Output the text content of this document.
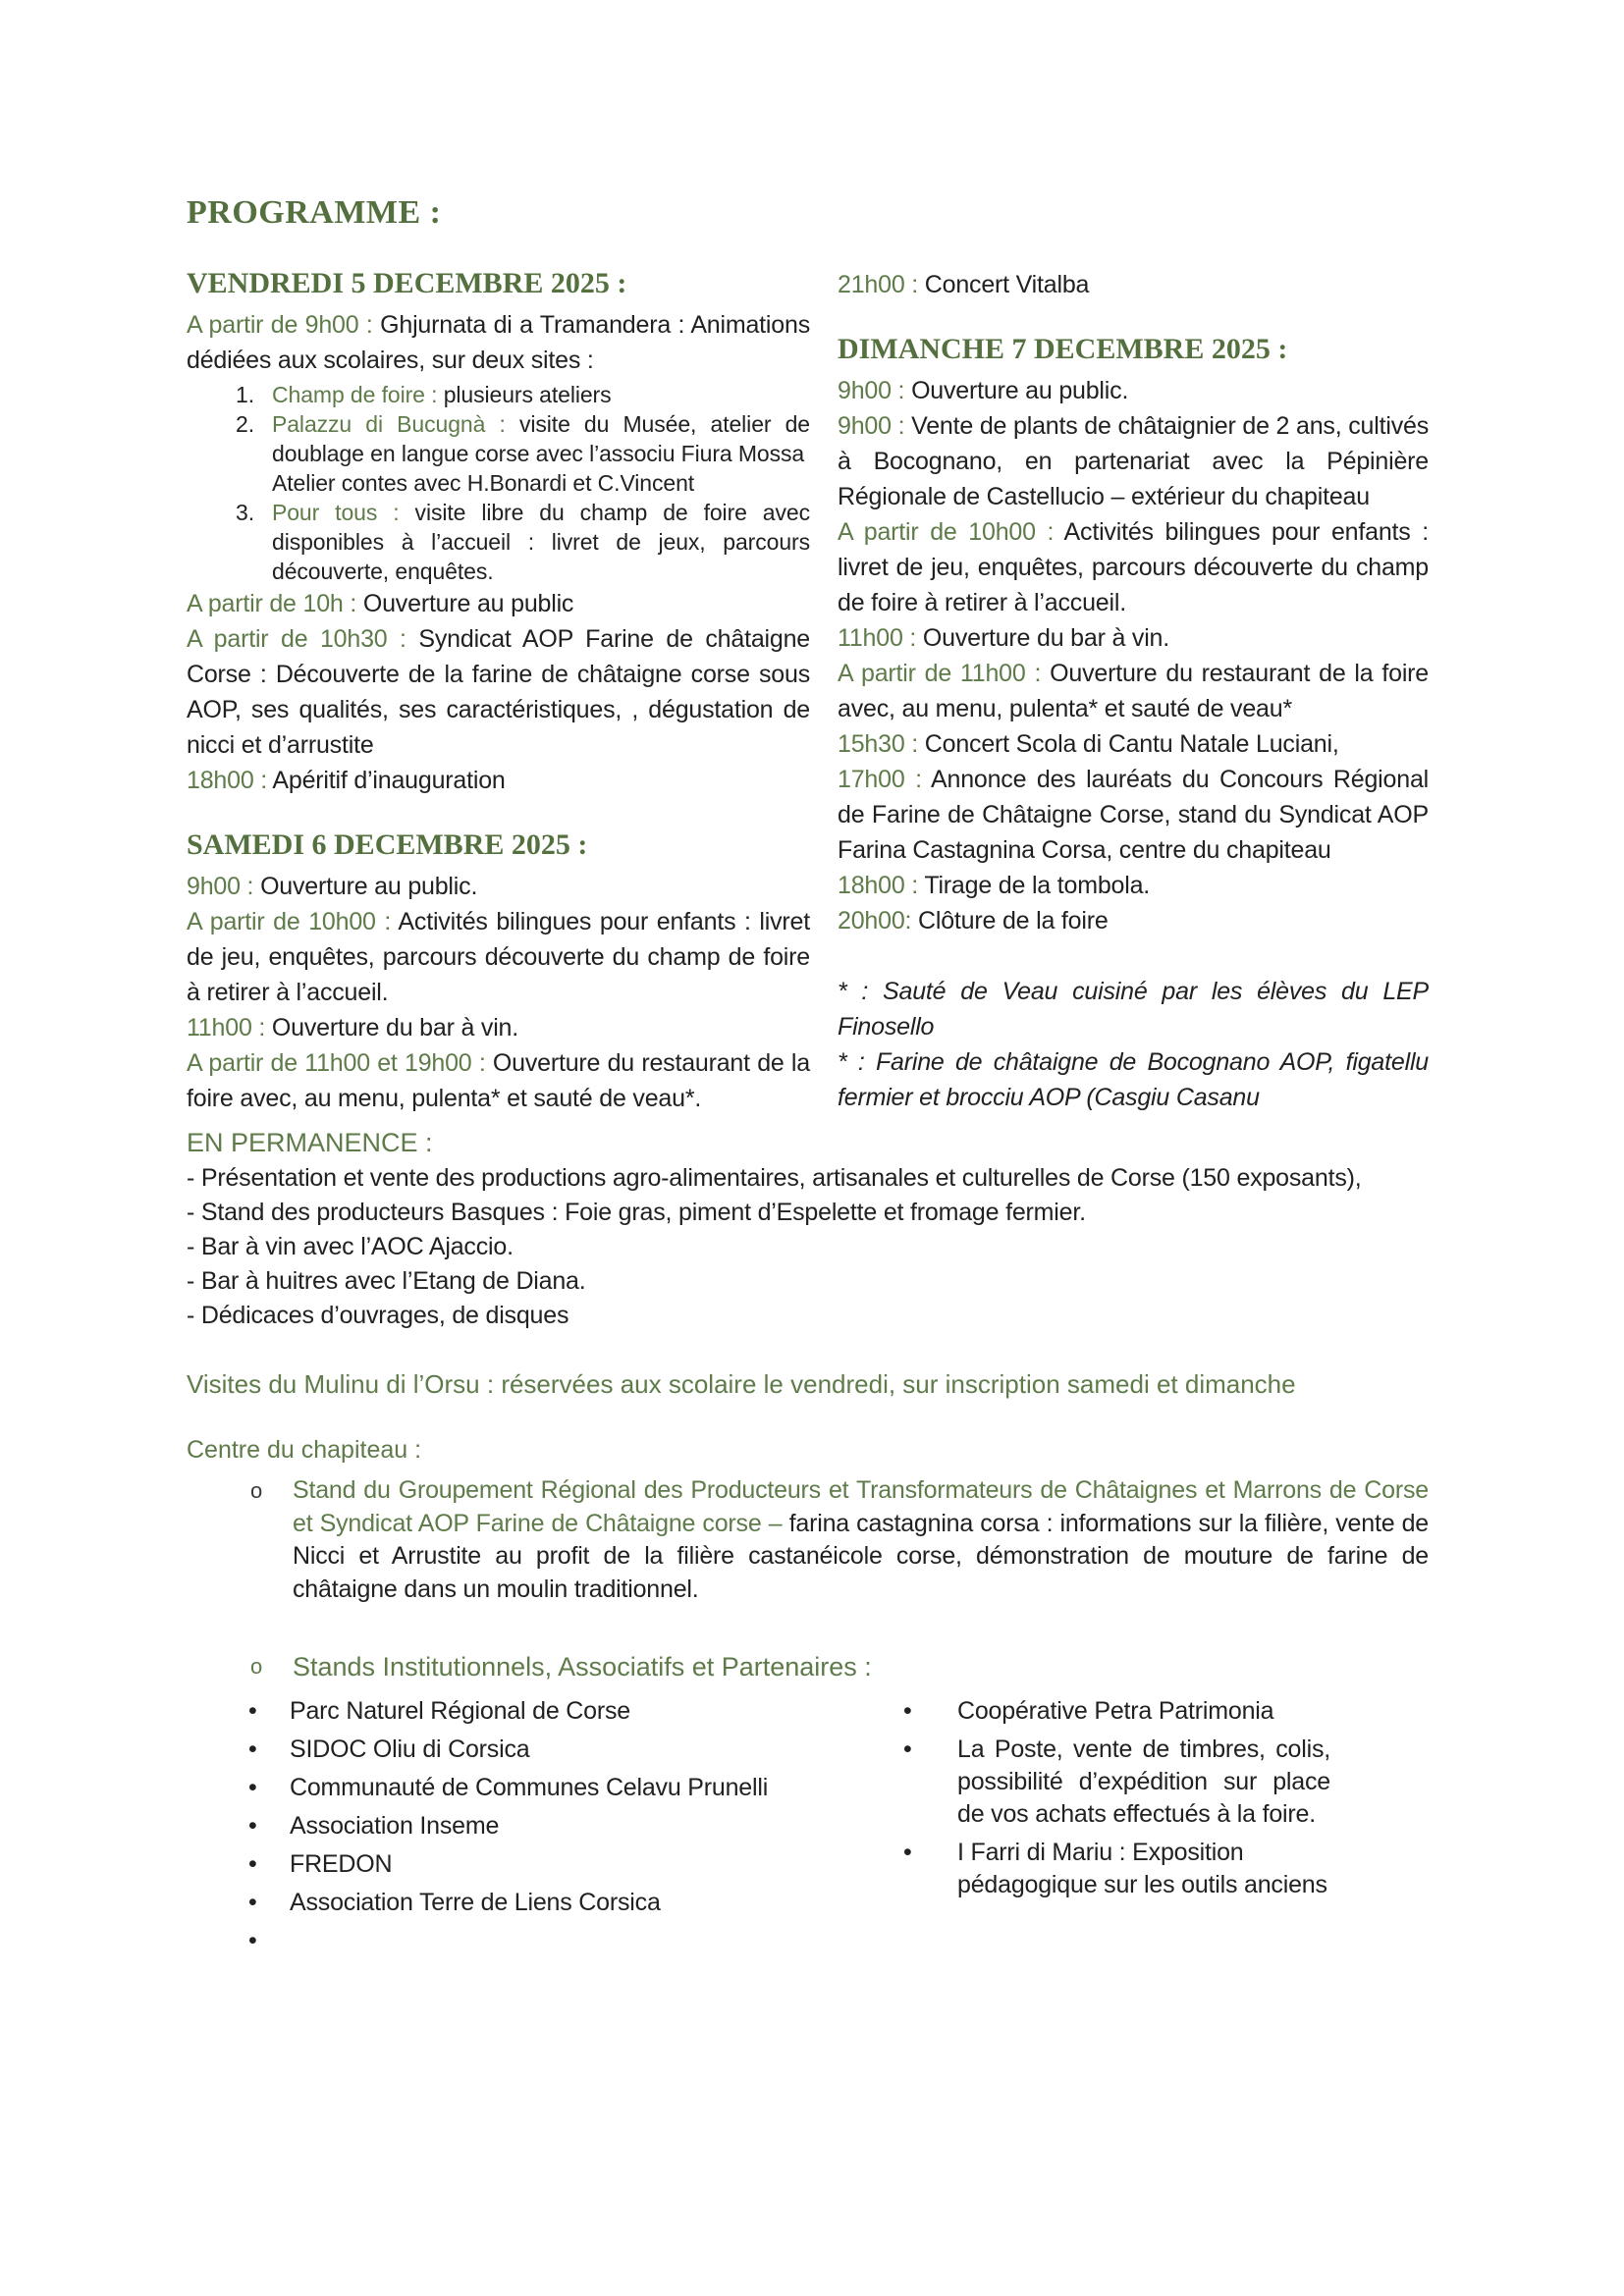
PROGRAMME :
VENDREDI 5 DECEMBRE 2025 :

A partir de 9h00 : Ghjurnata di a Tramandera : Animations dédiées aux scolaires, sur deux sites :

1. Champ de foire : plusieurs ateliers
2. Palazzu di Bucugnà : visite du Musée, atelier de doublage en langue corse avec l’associu Fiura Mossa
Atelier contes avec H.Bonardi et C.Vincent
3. Pour tous : visite libre du champ de foire avec disponibles à l’accueil : livret de jeux, parcours découverte, enquêtes.

A partir de 10h : Ouverture au public

A partir de 10h30 : Syndicat AOP Farine de châtaigne Corse : Découverte de la farine de châtaigne corse sous AOP, ses qualités, ses caractéristiques, , dégustation de nicci et d’arrustite

18h00 : Apéritif d’inauguration

SAMEDI 6 DECEMBRE 2025 :

9h00 : Ouverture au public.

A partir de 10h00 : Activités bilingues pour enfants : livret de jeu, enquêtes, parcours découverte du champ de foire à retirer à l’accueil.

11h00 : Ouverture du bar à vin.

A partir de 11h00 et 19h00 : Ouverture du restaurant de la foire avec, au menu, pulenta* et sauté de veau*.

21h00 : Concert Vitalba

DIMANCHE 7 DECEMBRE 2025 :

9h00 : Ouverture au public.

9h00 : Vente de plants de châtaignier de 2 ans, cultivés à Bocognano, en partenariat avec la Pépinière Régionale de Castellucio – extérieur du chapiteau

A partir de 10h00 : Activités bilingues pour enfants : livret de jeu, enquêtes, parcours découverte du champ de foire à retirer à l’accueil.

11h00 : Ouverture du bar à vin.

A partir de 11h00 : Ouverture du restaurant de la foire avec, au menu, pulenta* et sauté de veau*

15h30 : Concert Scola di Cantu Natale Luciani,

17h00 : Annonce des lauréats du Concours Régional de Farine de Châtaigne Corse, stand du Syndicat AOP Farina Castagnina Corsa, centre du chapiteau

18h00 : Tirage de la tombola.

20h00: Clôture de la foire

* : Sauté de Veau cuisiné par les élèves du LEP Finosello

* : Farine de châtaigne de Bocognano AOP, figatellu fermier et brocciu AOP (Casgiu Casanu

EN PERMANENCE :

- Présentation et vente des productions agro-alimentaires, artisanales et culturelles de Corse (150 exposants),

- Stand des producteurs Basques : Foie gras, piment d’Espelette et fromage fermier.

- Bar à vin avec l’AOC Ajaccio.

- Bar à huitres avec l’Etang de Diana.

- Dédicaces d’ouvrages, de disques

Visites du Mulinu di l’Orsu : réservées aux scolaire le vendredi, sur inscription samedi et dimanche

Centre du chapiteau :

o Stand du Groupement Régional des Producteurs et Transformateurs de Châtaignes et Marrons de Corse et Syndicat AOP Farine de Châtaigne corse – farina castagnina corsa : informations sur la filière, vente de Nicci et Arrustite au profit de la filière castanéicole corse, démonstration de mouture de farine de châtaigne dans un moulin traditionnel.
o Stands Institutionnels, Associatifs et Partenaires :
• Parc Naturel Régional de Corse
• SIDOC Oliu di Corsica
• Communauté de Communes Celavu Prunelli
• Association Inseme
• FREDON
• Association Terre de Liens Corsica
•
• Coopérative Petra Patrimonia
• La Poste, vente de timbres, colis, possibilité d’expédition sur place de vos achats effectués à la foire.
• I Farri di Mariu : Exposition pédagogique sur les outils anciens
